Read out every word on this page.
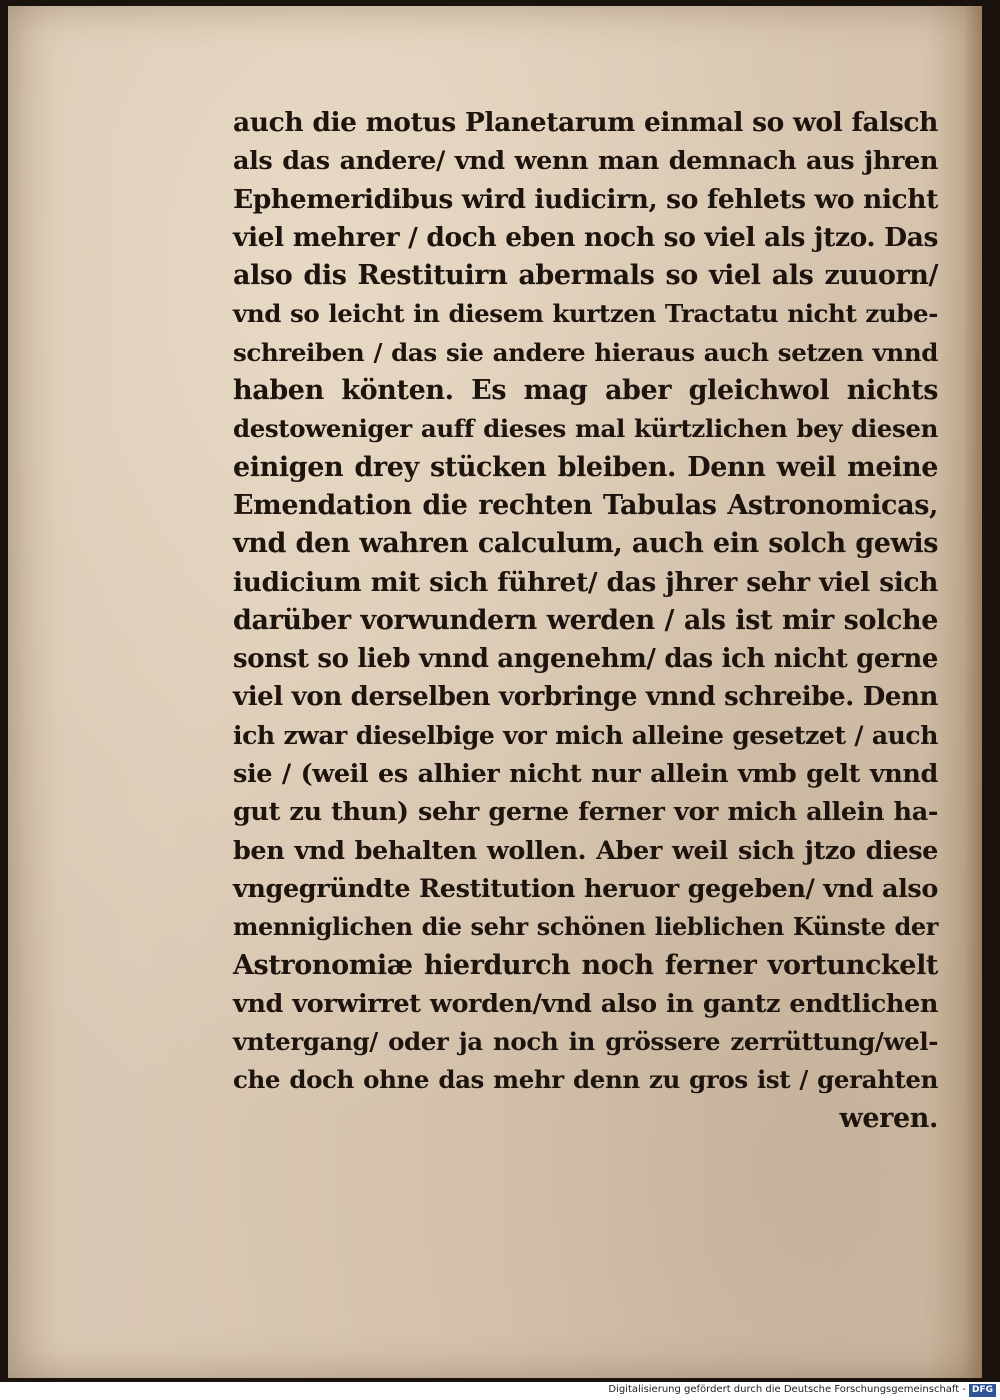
auch die motus Planetarum einmal so wol falsch
als das andere/ vnd wenn man demnach aus jhren
Ephemeridibus wird iudicirn, so fehlets wo nicht
viel mehrer / doch eben noch so viel als jtzo. Das
also dis Restituirn abermals so viel als zuuorn/
vnd so leicht in diesem kurtzen Tractatu nicht zube-
schreiben / das sie andere hieraus auch setzen vnnd
haben könten. Es mag aber gleichwol nichts
destoweniger auff dieses mal kürtzlichen bey diesen
einigen drey stücken bleiben. Denn weil meine
Emendation die rechten Tabulas Astronomicas,
vnd den wahren calculum, auch ein solch gewis
iudicium mit sich führet/ das jhrer sehr viel sich
darüber vorwundern werden / als ist mir solche
sonst so lieb vnnd angenehm/ das ich nicht gerne
viel von derselben vorbringe vnnd schreibe. Denn
ich zwar dieselbige vor mich alleine gesetzet / auch
sie / (weil es alhier nicht nur allein vmb gelt vnnd
gut zu thun) sehr gerne ferner vor mich allein ha-
ben vnd behalten wollen. Aber weil sich jtzo diese
vngegründte Restitution heruor gegeben/ vnd also
menniglichen die sehr schönen lieblichen Künste der
Astronomiæ hierdurch noch ferner vortunckelt
vnd vorwirret worden/vnd also in gantz endtlichen
vntergang/ oder ja noch in grössere zerrüttung/wel-
che doch ohne das mehr denn zu gros ist / gerahten
weren.
Digitalisierung gefördert durch die Deutsche Forschungsgemeinschaft - DFG
